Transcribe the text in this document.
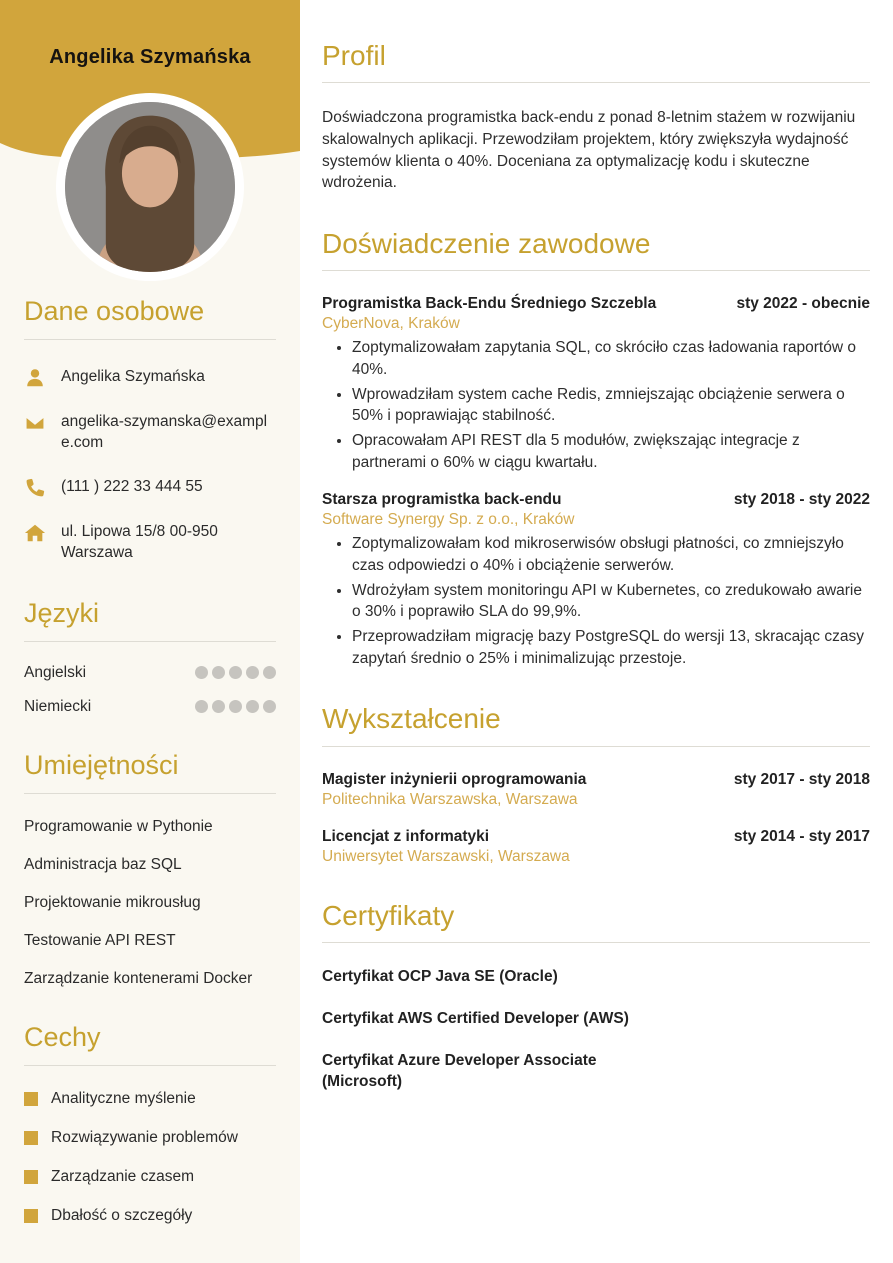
Angelika Szymańska
Dane osobowe
Angelika Szymańska
angelika-szymanska@example.com
(111 ) 222 33 444 55
ul. Lipowa 15/8 00-950 Warszawa
Języki
Angielski
Niemiecki
Umiejętności
Programowanie w Pythonie
Administracja baz SQL
Projektowanie mikrousług
Testowanie API REST
Zarządzanie kontenerami Docker
Cechy
Analityczne myślenie
Rozwiązywanie problemów
Zarządzanie czasem
Dbałość o szczegóły
Profil

Doświadczona programistka back-endu z ponad 8-letnim stażem w rozwijaniu skalowalnych aplikacji. Przewodziłam projektem, który zwiększyła wydajność systemów klienta o 40%. Doceniana za optymalizację kodu i skuteczne wdrożenia.

Doświadczenie zawodowe
Programistka Back-Endu Średniego Szczebla	sty 2022 - obecnie
CyberNova, Kraków
• Zoptymalizowałam zapytania SQL, co skróciło czas ładowania raportów o 40%.
• Wprowadziłam system cache Redis, zmniejszając obciążenie serwera o 50% i poprawiając stabilność.
• Opracowałam API REST dla 5 modułów, zwiększając integracje z partnerami o 60% w ciągu kwartału.
Starsza programistka back-endu	sty 2018 - sty 2022
Software Synergy Sp. z o.o., Kraków
• Zoptymalizowałam kod mikroserwisów obsługi płatności, co zmniejszyło czas odpowiedzi o 40% i obciążenie serwerów.
• Wdrożyłam system monitoringu API w Kubernetes, co zredukowało awarie o 30% i poprawiło SLA do 99,9%.
• Przeprowadziłam migrację bazy PostgreSQL do wersji 13, skracając czasy zapytań średnio o 25% i minimalizując przestoje.
Wykształcenie
Magister inżynierii oprogramowania	sty 2017 - sty 2018
Politechnika Warszawska, Warszawa
Licencjat z informatyki	sty 2014 - sty 2017
Uniwersytet Warszawski, Warszawa
Certyfikaty
Certyfikat OCP Java SE (Oracle)
Certyfikat AWS Certified Developer (AWS)
Certyfikat Azure Developer Associate (Microsoft)
